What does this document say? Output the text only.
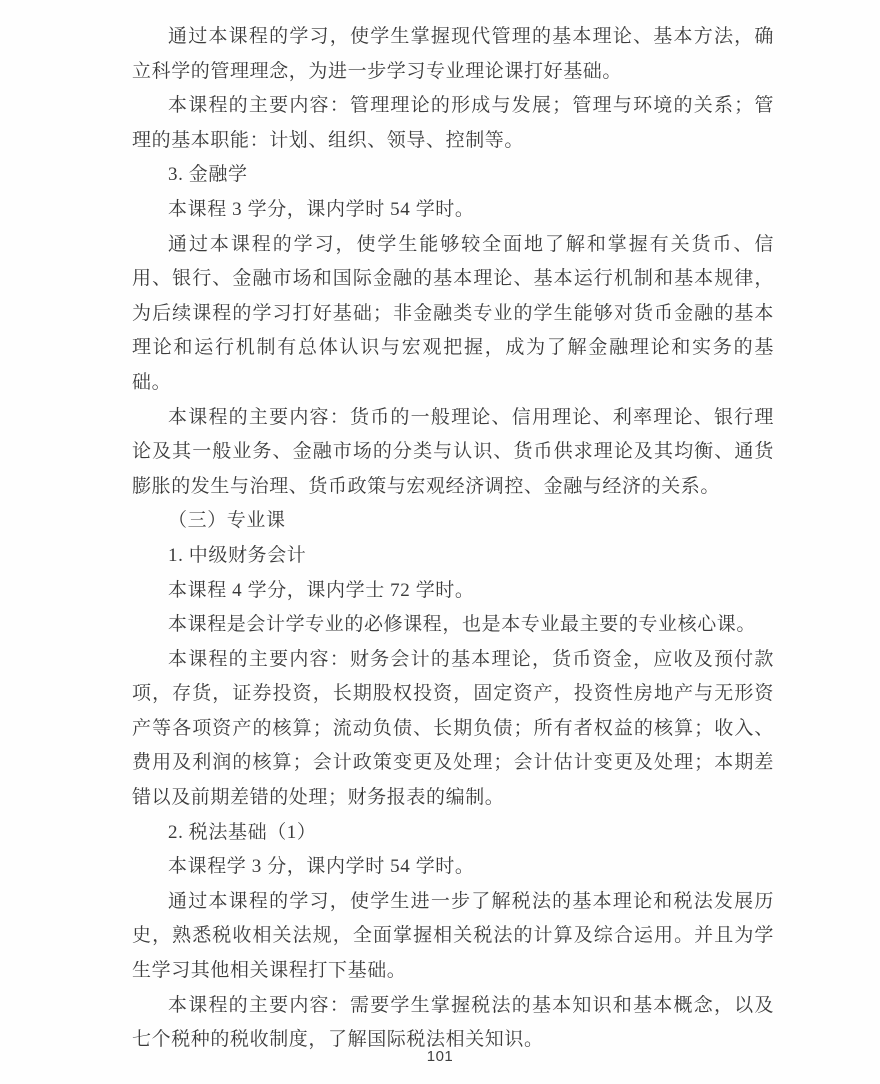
通过本课程的学习，使学生掌握现代管理的基本理论、基本方法，确立科学的管理理念，为进一步学习专业理论课打好基础。

本课程的主要内容：管理理论的形成与发展；管理与环境的关系；管理的基本职能：计划、组织、领导、控制等。

3. 金融学

本课程 3 学分，课内学时 54 学时。

通过本课程的学习，使学生能够较全面地了解和掌握有关货币、信用、银行、金融市场和国际金融的基本理论、基本运行机制和基本规律，为后续课程的学习打好基础；非金融类专业的学生能够对货币金融的基本理论和运行机制有总体认识与宏观把握，成为了解金融理论和实务的基础。

本课程的主要内容：货币的一般理论、信用理论、利率理论、银行理论及其一般业务、金融市场的分类与认识、货币供求理论及其均衡、通货膨胀的发生与治理、货币政策与宏观经济调控、金融与经济的关系。

（三）专业课

1. 中级财务会计

本课程 4 学分，课内学士 72 学时。

本课程是会计学专业的必修课程，也是本专业最主要的专业核心课。

本课程的主要内容：财务会计的基本理论，货币资金，应收及预付款项，存货，证券投资，长期股权投资，固定资产，投资性房地产与无形资产等各项资产的核算；流动负债、长期负债；所有者权益的核算；收入、费用及利润的核算；会计政策变更及处理；会计估计变更及处理；本期差错以及前期差错的处理；财务报表的编制。

2. 税法基础（1）

本课程学 3 分，课内学时 54 学时。

通过本课程的学习，使学生进一步了解税法的基本理论和税法发展历史，熟悉税收相关法规，全面掌握相关税法的计算及综合运用。并且为学生学习其他相关课程打下基础。

本课程的主要内容：需要学生掌握税法的基本知识和基本概念，以及七个税种的税收制度，了解国际税法相关知识。

101
